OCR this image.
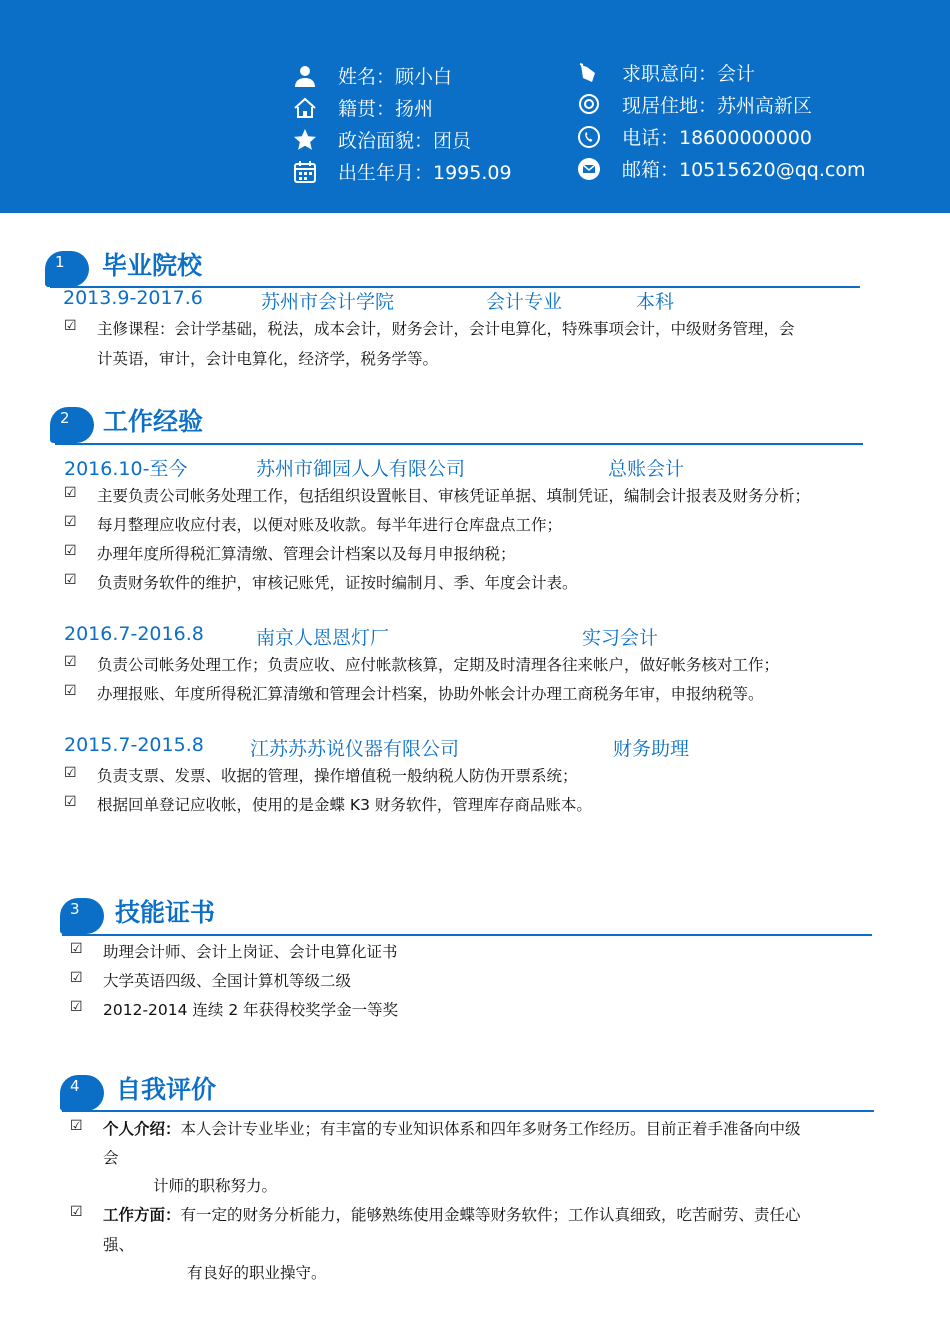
姓名：顾小白
籍贯：扬州
政治面貌：团员
出生年月：1995.09
求职意向：会计
现居住地：苏州高新区
电话：18600000000
邮箱：10515620@qq.com
1	毕业院校
2013.9-2017.6	苏州市会计学院	会计专业	本科
☑ 主修课程：会计学基础，税法，成本会计，财务会计，会计电算化，特殊事项会计，中级财务管理，会
计英语，审计，会计电算化，经济学，税务学等。
2	工作经验
2016.10-至今	苏州市御园人人有限公司	总账会计
☑ 主要负责公司帐务处理工作，包括组织设置帐目、审核凭证单据、填制凭证，编制会计报表及财务分析；
☑ 每月整理应收应付表，以便对账及收款。每半年进行仓库盘点工作；
☑ 办理年度所得税汇算清缴、管理会计档案以及每月申报纳税；
☑ 负责财务软件的维护，审核记账凭，证按时编制月、季、年度会计表。
2016.7-2016.8	南京人恩恩灯厂	实习会计
☑ 负责公司帐务处理工作；负责应收、应付帐款核算，定期及时清理各往来帐户，做好帐务核对工作；
☑ 办理报账、年度所得税汇算清缴和管理会计档案，协助外帐会计办理工商税务年审，申报纳税等。
2015.7-2015.8 江苏苏苏说仪器有限公司	财务助理
☑ 负责支票、发票、收据的管理，操作增值税一般纳税人防伪开票系统；
☑ 根据回单登记应收帐，使用的是金蝶 K3 财务软件，管理库存商品账本。
3	技能证书
☑ 助理会计师、会计上岗证、会计电算化证书
☑ 大学英语四级、全国计算机等级二级
☑ 2012-2014 连续 2 年获得校奖学金一等奖
4	自我评价
☑ 个人介绍：本人会计专业毕业；有丰富的专业知识体系和四年多财务工作经历。目前正着手准备向中级
会
计师的职称努力。
☑ 工作方面：有一定的财务分析能力，能够熟练使用金蝶等财务软件；工作认真细致，吃苦耐劳、责任心
强、
有良好的职业操守。
